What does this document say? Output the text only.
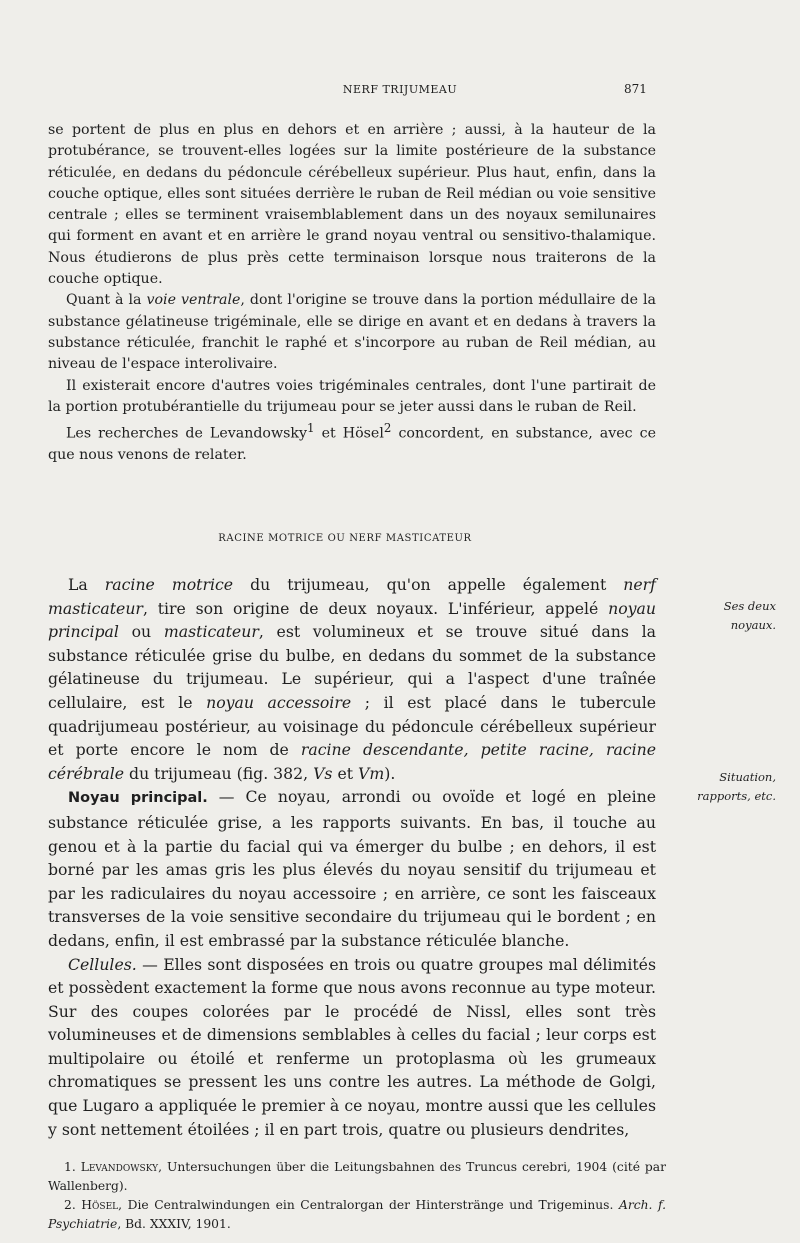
NERF TRIJUMEAU	871

se portent de plus en plus en dehors et en arrière ; aussi, à la hauteur de la protubérance, se trouvent-elles logées sur la limite postérieure de la substance réticulée, en dedans du pédoncule cérébelleux supérieur. Plus haut, enfin, dans la couche optique, elles sont situées derrière le ruban de Reil médian ou voie sensitive centrale ; elles se terminent vraisemblablement dans un des noyaux semilunaires qui forment en avant et en arrière le grand noyau ventral ou sensitivo-thalamique. Nous étudierons de plus près cette terminaison lorsque nous traiterons de la couche optique.

Quant à la voie ventrale, dont l'origine se trouve dans la portion médullaire de la substance gélatineuse trigéminale, elle se dirige en avant et en dedans à travers la substance réticulée, franchit le raphé et s'incorpore au ruban de Reil médian, au niveau de l'espace interolivaire.

Il existerait encore d'autres voies trigéminales centrales, dont l'une partirait de la portion protubérantielle du trijumeau pour se jeter aussi dans le ruban de Reil.

Les recherches de Levandowsky$^1$ et Hösel$^2$ concordent, en substance, avec ce que nous venons de relater.

RACINE MOTRICE OU NERF MASTICATEUR

La racine motrice du trijumeau, qu'on appelle également nerf masticateur, tire son origine de deux noyaux. L'inférieur, appelé noyau principal ou masticateur, est volumineux et se trouve situé dans la substance réticulée grise du bulbe, en dedans du sommet de la substance gélatineuse du trijumeau. Le supérieur, qui a l'aspect d'une traînée cellulaire, est le noyau accessoire ; il est placé dans le tubercule quadrijumeau postérieur, au voisinage du pédoncule cérébelleux supérieur et porte encore le nom de racine descendante, petite racine, racine cérébrale du trijumeau (fig. 382, Vs et Vm).

Noyau principal. — Ce noyau, arrondi ou ovoïde et logé en pleine substance réticulée grise, a les rapports suivants. En bas, il touche au genou et à la partie du facial qui va émerger du bulbe ; en dehors, il est borné par les amas gris les plus élevés du noyau sensitif du trijumeau et par les radiculaires du noyau accessoire ; en arrière, ce sont les faisceaux transverses de la voie sensitive secondaire du trijumeau qui le bordent ; en dedans, enfin, il est embrassé par la substance réticulée blanche.

Cellules. — Elles sont disposées en trois ou quatre groupes mal délimités et possèdent exactement la forme que nous avons reconnue au type moteur. Sur des coupes colorées par le procédé de Nissl, elles sont très volumineuses et de dimensions semblables à celles du facial ; leur corps est multipolaire ou étoilé et renferme un protoplasma où les grumeaux chromatiques se pressent les uns contre les autres. La méthode de Golgi, que Lugaro a appliquée le premier à ce noyau, montre aussi que les cellules y sont nettement étoilées ; il en part trois, quatre ou plusieurs dendrites,

Ses deux
noyaux.
Situation,
rapports, etc.

1. Levandowsky, Untersuchungen über die Leitungsbahnen des Truncus cerebri, 1904 (cité par Wallenberg).

2. Hösel, Die Centralwindungen ein Centralorgan der Hinterstränge und Trigeminus. Arch. f. Psychiatrie, Bd. XXXIV, 1901.
